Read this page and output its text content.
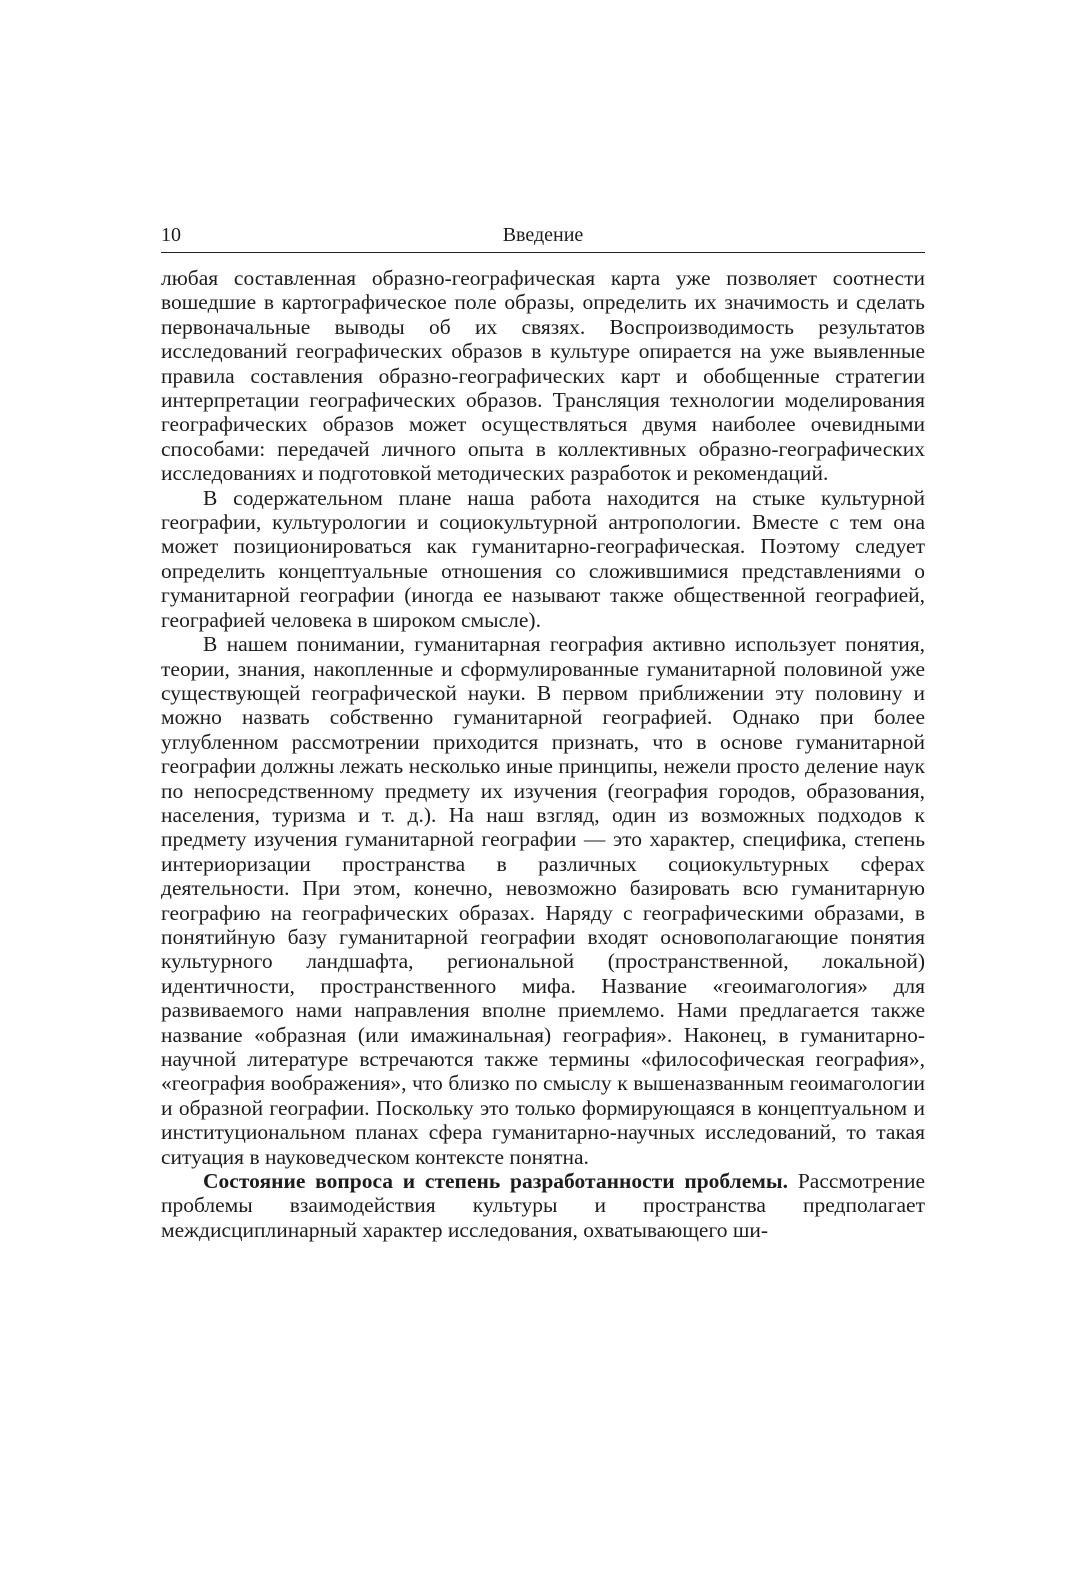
10	Введение

любая составленная образно-географическая карта уже позволяет соотнести вошедшие в картографическое поле образы, определить их значимость и сделать первоначальные выводы об их связях. Воспроизводимость результатов исследований географических образов в культуре опирается на уже выявленные правила составления образно-географических карт и обобщенные стратегии интерпретации географических образов. Трансляция технологии моделирования географических образов может осуществляться двумя наиболее очевидными способами: передачей личного опыта в коллективных образно-географических исследованиях и подготовкой методических разработок и рекомендаций.

В содержательном плане наша работа находится на стыке культурной географии, культурологии и социокультурной антропологии. Вместе с тем она может позиционироваться как гуманитарно-географическая. Поэтому следует определить концептуальные отношения со сложившимися представлениями о гуманитарной географии (иногда ее называют также общественной географией, географией человека в широком смысле).

В нашем понимании, гуманитарная география активно использует понятия, теории, знания, накопленные и сформулированные гуманитарной половиной уже существующей географической науки. В первом приближении эту половину и можно назвать собственно гуманитарной географией. Однако при более углубленном рассмотрении приходится признать, что в основе гуманитарной географии должны лежать несколько иные принципы, нежели просто деление наук по непосредственному предмету их изучения (география городов, образования, населения, туризма и т. д.). На наш взгляд, один из возможных подходов к предмету изучения гуманитарной географии — это характер, специфика, степень интериоризации пространства в различных социокультурных сферах деятельности. При этом, конечно, невозможно базировать всю гуманитарную географию на географических образах. Наряду с географическими образами, в понятийную базу гуманитарной географии входят основополагающие понятия культурного ландшафта, региональной (пространственной, локальной) идентичности, пространственного мифа. Название «геоимагология» для развиваемого нами направления вполне приемлемо. Нами предлагается также название «образная (или имажинальная) география». Наконец, в гуманитарно-научной литературе встречаются также термины «философическая география», «география воображения», что близко по смыслу к вышеназванным геоимагологии и образной географии. Поскольку это только формирующаяся в концептуальном и институциональном планах сфера гуманитарно-научных исследований, то такая ситуация в науковедческом контексте понятна.

Состояние вопроса и степень разработанности проблемы. Рассмотрение проблемы взаимодействия культуры и пространства предполагает междисциплинарный характер исследования, охватывающего ши-
